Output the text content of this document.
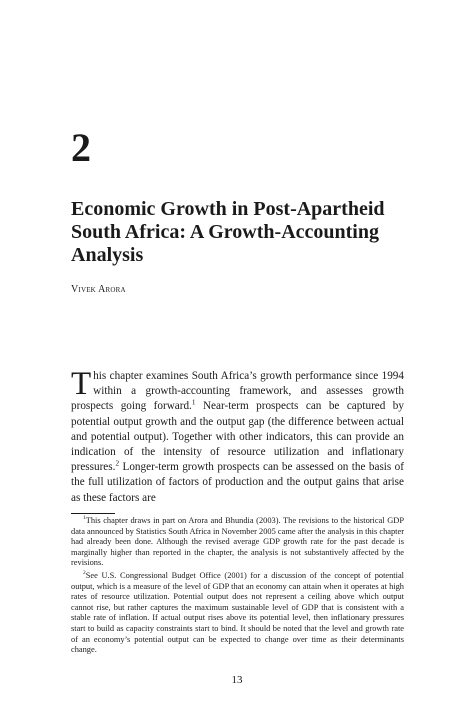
2
Economic Growth in Post-Apartheid South Africa: A Growth-Accounting Analysis

Vivek Arora

This chapter examines South Africa’s growth performance since 1994 within a growth-accounting framework, and assesses growth prospects going forward.$^1$ Near-term prospects can be captured by potential output growth and the output gap (the difference between actual and potential output). Together with other indicators, this can provide an indication of the intensity of resource utilization and inflationary pressures.$^2$ Longer-term growth prospects can be assessed on the basis of the full utilization of factors of production and the output gains that arise as these factors are

$^1$This chapter draws in part on Arora and Bhundia (2003). The revisions to the historical GDP data announced by Statistics South Africa in November 2005 came after the analysis in this chapter had already been done. Although the revised average GDP growth rate for the past decade is marginally higher than reported in the chapter, the analysis is not substantively affected by the revisions.

$^2$See U.S. Congressional Budget Office (2001) for a discussion of the concept of potential output, which is a measure of the level of GDP that an economy can attain when it operates at high rates of resource utilization. Potential output does not represent a ceiling above which output cannot rise, but rather captures the maximum sustainable level of GDP that is consistent with a stable rate of inflation. If actual output rises above its potential level, then inflationary pressures start to build as capacity constraints start to bind. It should be noted that the level and growth rate of an economy’s potential output can be expected to change over time as their determinants change.

13
